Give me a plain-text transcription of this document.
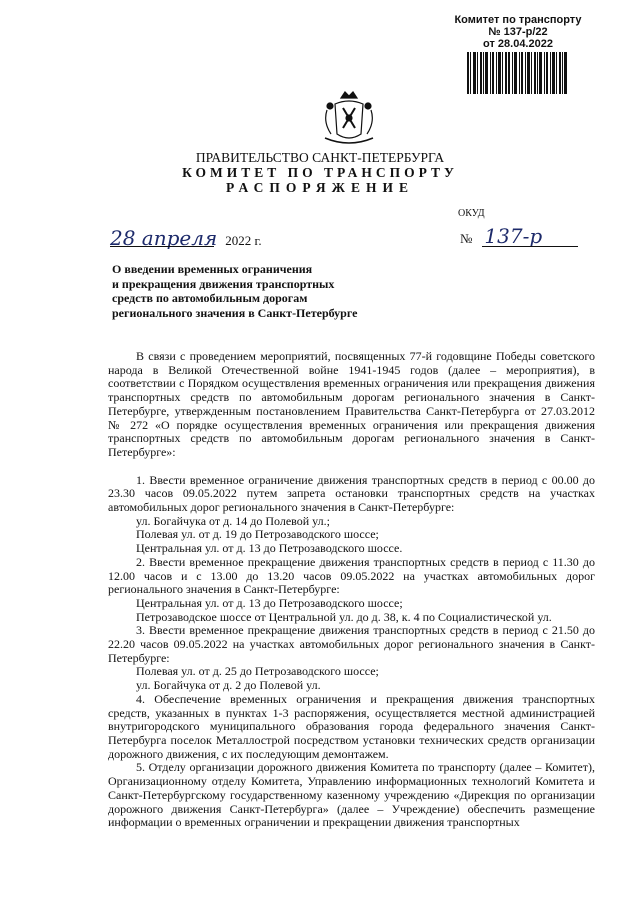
Комитет по транспорту
№ 137-р/22
от 28.04.2022
ПРАВИТЕЛЬСТВО САНКТ-ПЕТЕРБУРГА
КОМИТЕТ ПО ТРАНСПОРТУ
РАСПОРЯЖЕНИЕ
ОКУД
28 апреля 2022 г.	№ 137-р
О введении временных ограничения
и прекращения движения транспортных
средств по автомобильным дорогам
регионального значения в Санкт-Петербурге

В связи с проведением мероприятий, посвященных 77-й годовщине Победы советского народа в Великой Отечественной войне 1941-1945 годов (далее – мероприятия), в соответствии с Порядком осуществления временных ограничения или прекращения движения транспортных средств по автомобильным дорогам регионального значения в Санкт-Петербурге, утвержденным постановлением Правительства Санкт-Петербурга от 27.03.2012 № 272 «О порядке осуществления временных ограничения или прекращения движения транспортных средств по автомобильным дорогам регионального значения в Санкт-Петербурге»:

1. Ввести временное ограничение движения транспортных средств в период с 00.00 до 23.30 часов 09.05.2022 путем запрета остановки транспортных средств на участках автомобильных дорог регионального значения в Санкт-Петербурге:

ул. Богайчука от д. 14 до Полевой ул.;

Полевая ул. от д. 19 до Петрозаводского шоссе;

Центральная ул. от д. 13 до Петрозаводского шоссе.

2. Ввести временное прекращение движения транспортных средств в период с 11.30 до 12.00 часов и с 13.00 до 13.20 часов 09.05.2022 на участках автомобильных дорог регионального значения в Санкт-Петербурге:

Центральная ул. от д. 13 до Петрозаводского шоссе;

Петрозаводское шоссе от Центральной ул. до д. 38, к. 4 по Социалистической ул.

3. Ввести временное прекращение движения транспортных средств в период с 21.50 до 22.20 часов 09.05.2022 на участках автомобильных дорог регионального значения в Санкт-Петербурге:

Полевая ул. от д. 25 до Петрозаводского шоссе;

ул. Богайчука от д. 2 до Полевой ул.

4. Обеспечение временных ограничения и прекращения движения транспортных средств, указанных в пунктах 1-3 распоряжения, осуществляется местной администрацией внутригородского муниципального образования города федерального значения Санкт-Петербурга поселок Металлострой посредством установки технических средств организации дорожного движения, с их последующим демонтажем.

5. Отделу организации дорожного движения Комитета по транспорту (далее – Комитет), Организационному отделу Комитета, Управлению информационных технологий Комитета и Санкт-Петербургскому государственному казенному учреждению «Дирекция по организации дорожного движения Санкт-Петербурга» (далее – Учреждение) обеспечить размещение информации о временных ограничении и прекращении движения транспортных
